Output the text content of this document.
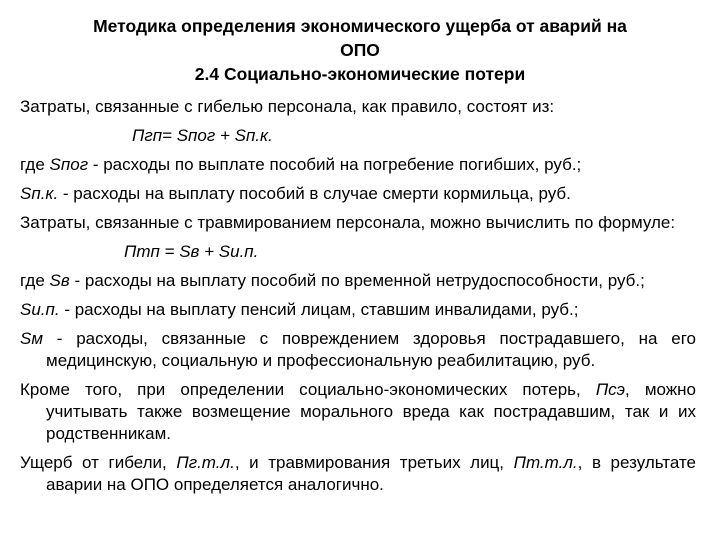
Методика определения экономического ущерба от аварий на
ОПО
2.4 Социально-экономические потери
Затраты, связанные с гибелью персонала, как правило, состоят из:
Пгп= Sпог + Sп.к.
где Sпог - расходы по выплате пособий на погребение погибших, руб.;
Sп.к. - расходы на выплату пособий в случае смерти кормильца, руб.
Затраты, связанные с травмированием персонала, можно вычислить по формуле:
Птп = Sв + Sи.п.
где Sв - расходы на выплату пособий по временной нетрудоспособности, руб.;
Sи.п. - расходы на выплату пенсий лицам, ставшим инвалидами, руб.;
Sм - расходы, связанные с повреждением здоровья пострадавшего, на его медицинскую, социальную и профессиональную реабилитацию, руб.
Кроме того, при определении социально-экономических потерь, Псэ, можно учитывать также возмещение морального вреда как пострадавшим, так и их родственникам.
Ущерб от гибели, Пг.т.л., и травмирования третьих лиц, Пт.т.л., в результате аварии на ОПО определяется аналогично.
